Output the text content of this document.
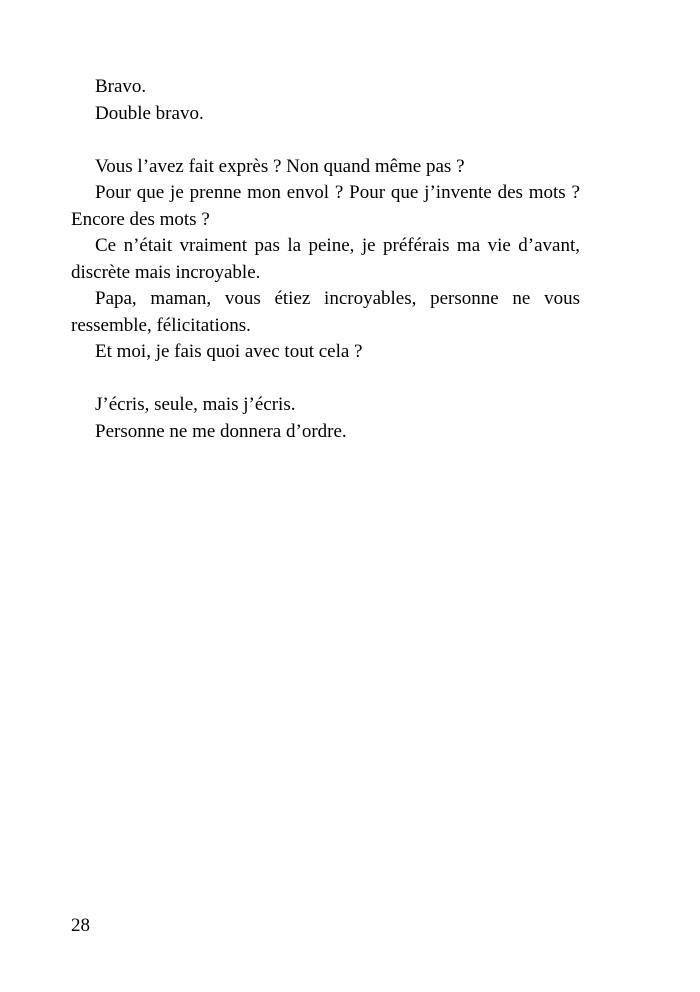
Bravo.

Double bravo.

Vous l’avez fait exprès ? Non quand même pas ?

Pour que je prenne mon envol ? Pour que j’invente des mots ? Encore des mots ?

Ce n’était vraiment pas la peine, je préférais ma vie d’avant, discrète mais incroyable.

Papa, maman, vous étiez incroyables, personne ne vous ressemble, félicitations.

Et moi, je fais quoi avec tout cela ?

J’écris, seule, mais j’écris.

Personne ne me donnera d’ordre.

28
